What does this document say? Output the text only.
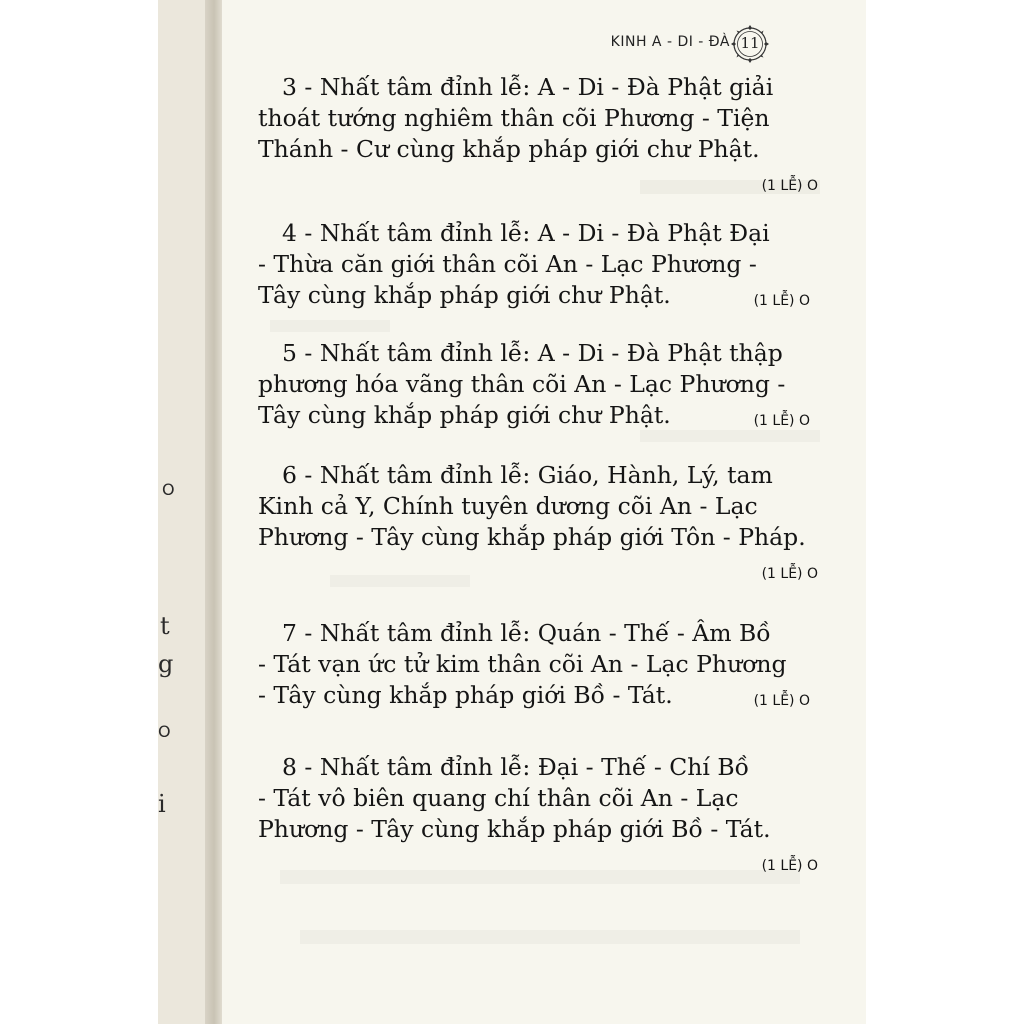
O
t
g
O
i
KINH A - DI - ĐÀ 11
3 - Nhất tâm đỉnh lễ: A - Di - Đà Phật giải
thoát tướng nghiêm thân cõi Phương - Tiện
Thánh - Cư cùng khắp pháp giới chư Phật.
(1 LỄ) O
4 - Nhất tâm đỉnh lễ: A - Di - Đà Phật Đại
- Thừa căn giới thân cõi An - Lạc Phương -
Tây cùng khắp pháp giới chư Phật.	(1 LỄ) O
5 - Nhất tâm đỉnh lễ: A - Di - Đà Phật thập
phương hóa vãng thân cõi An - Lạc Phương -
Tây cùng khắp pháp giới chư Phật.	(1 LỄ) O
6 - Nhất tâm đỉnh lễ: Giáo, Hành, Lý, tam
Kinh cả Y, Chính tuyên dương cõi An - Lạc
Phương - Tây cùng khắp pháp giới Tôn - Pháp.
(1 LỄ) O
7 - Nhất tâm đỉnh lễ: Quán - Thế - Âm Bồ
- Tát vạn ức tử kim thân cõi An - Lạc Phương
- Tây cùng khắp pháp giới Bồ - Tát.	(1 LỄ) O
8 - Nhất tâm đỉnh lễ: Đại - Thế - Chí Bồ
- Tát vô biên quang chí thân cõi An - Lạc
Phương - Tây cùng khắp pháp giới Bồ - Tát.
(1 LỄ) O
